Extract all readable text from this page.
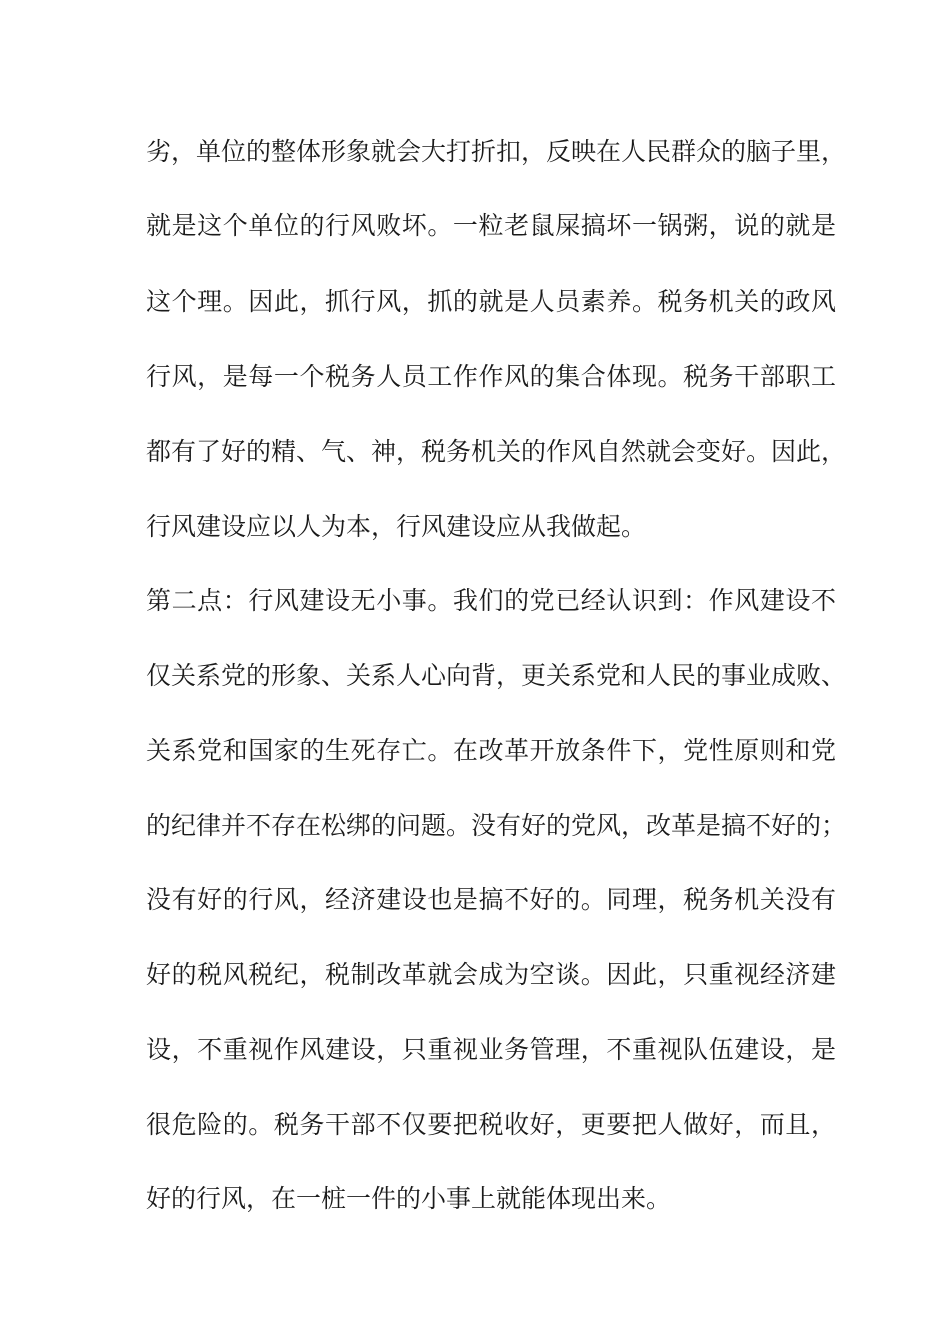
劣，单位的整体形象就会大打折扣，反映在人民群众的脑子里，
就是这个单位的行风败坏。一粒老鼠屎搞坏一锅粥，说的就是
这个理。因此，抓行风，抓的就是人员素养。税务机关的政风
行风，是每一个税务人员工作作风的集合体现。税务干部职工
都有了好的精、气、神，税务机关的作风自然就会变好。因此，
行风建设应以人为本，行风建设应从我做起。
第二点：行风建设无小事。我们的党已经认识到：作风建设不
仅关系党的形象、关系人心向背，更关系党和人民的事业成败、
关系党和国家的生死存亡。在改革开放条件下，党性原则和党
的纪律并不存在松绑的问题。没有好的党风，改革是搞不好的；
没有好的行风，经济建设也是搞不好的。同理，税务机关没有
好的税风税纪，税制改革就会成为空谈。因此，只重视经济建
设，不重视作风建设，只重视业务管理，不重视队伍建设，是
很危险的。税务干部不仅要把税收好，更要把人做好，而且，
好的行风，在一桩一件的小事上就能体现出来。
